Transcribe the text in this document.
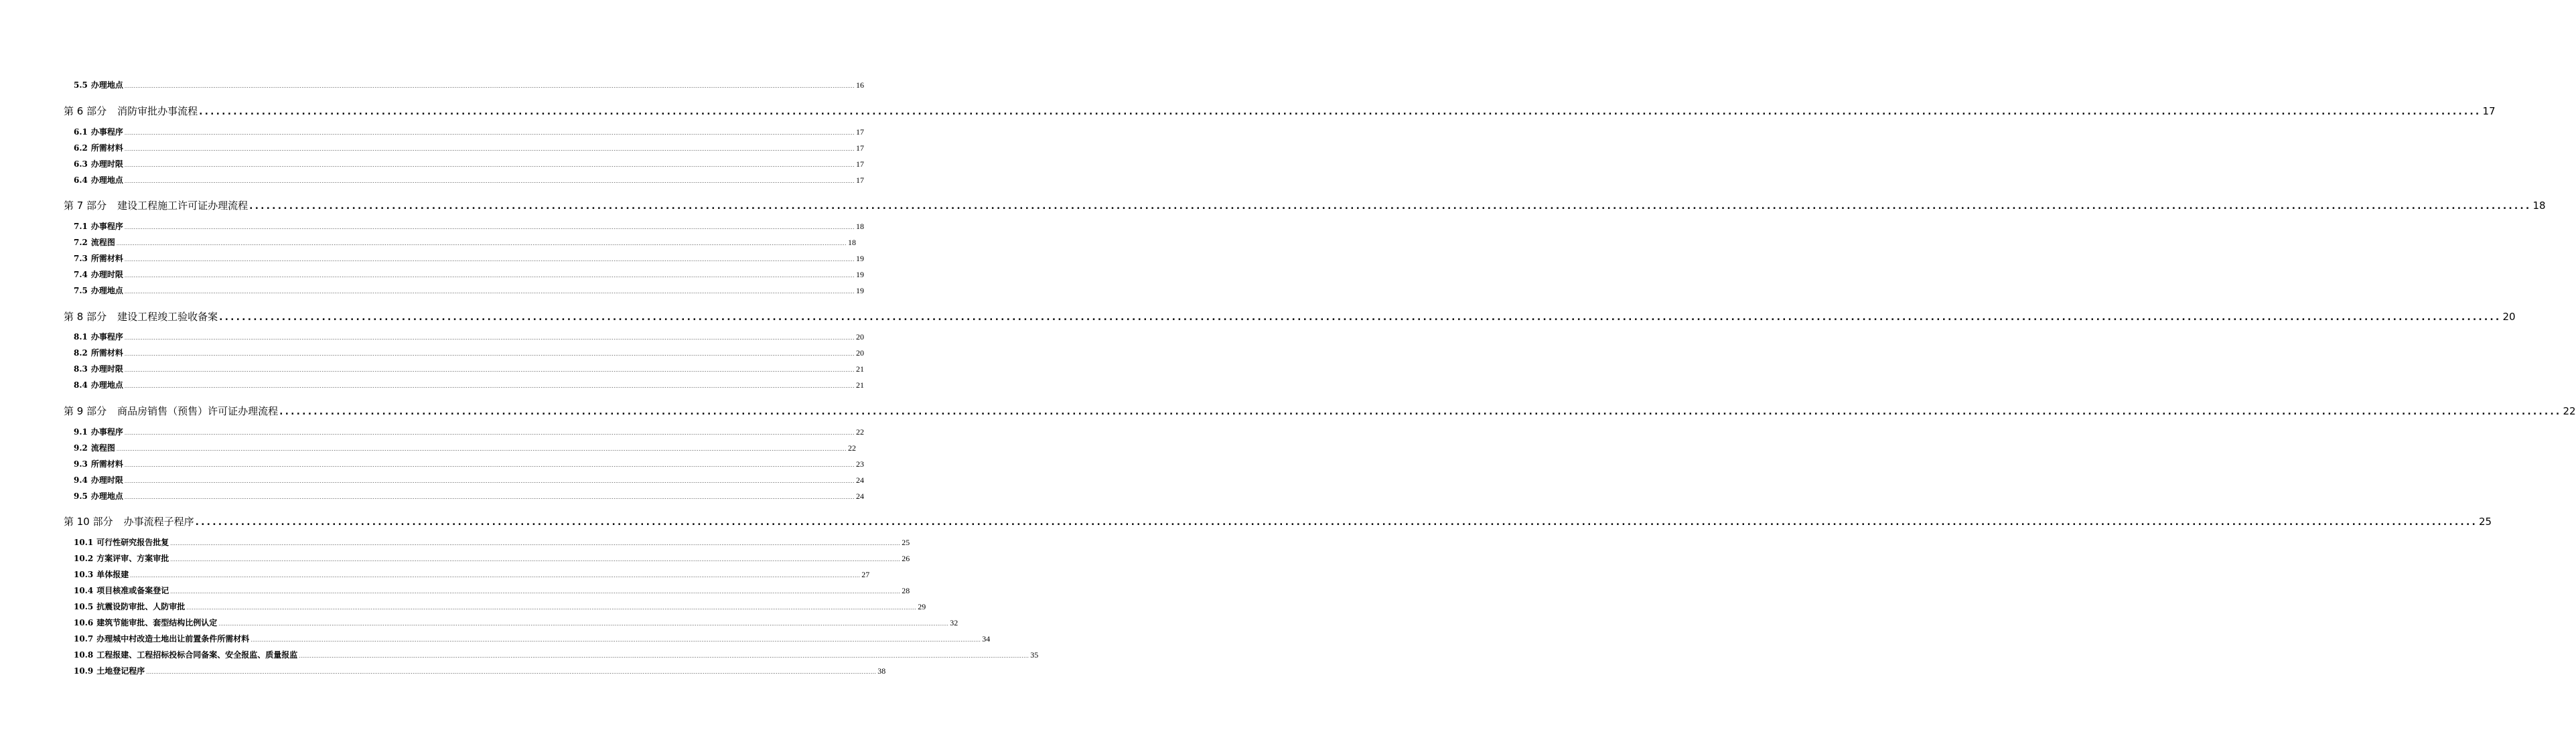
5.5 办理地点 ................................................................................................................................................................................................................................................................................................................................................................................................................ 16
第 6 部分 消防审批办事流程 ................................................................................................................................................................................................................................................................................................................................................................................................................ 17
6.1 办事程序 ................................................................................................................................................................................................................................................................................................................................................................................................................ 17
6.2 所需材料 ................................................................................................................................................................................................................................................................................................................................................................................................................ 17
6.3 办理时限 ................................................................................................................................................................................................................................................................................................................................................................................................................ 17
6.4 办理地点 ................................................................................................................................................................................................................................................................................................................................................................................................................ 17
第 7 部分 建设工程施工许可证办理流程 ................................................................................................................................................................................................................................................................................................................................................................................................................ 18
7.1 办事程序 ................................................................................................................................................................................................................................................................................................................................................................................................................ 18
7.2 流程图 ................................................................................................................................................................................................................................................................................................................................................................................................................ 18
7.3 所需材料 ................................................................................................................................................................................................................................................................................................................................................................................................................ 19
7.4 办理时限 ................................................................................................................................................................................................................................................................................................................................................................................................................ 19
7.5 办理地点 ................................................................................................................................................................................................................................................................................................................................................................................................................ 19
第 8 部分 建设工程竣工验收备案 ................................................................................................................................................................................................................................................................................................................................................................................................................ 20
8.1 办事程序 ................................................................................................................................................................................................................................................................................................................................................................................................................ 20
8.2 所需材料 ................................................................................................................................................................................................................................................................................................................................................................................................................ 20
8.3 办理时限 ................................................................................................................................................................................................................................................................................................................................................................................................................ 21
8.4 办理地点 ................................................................................................................................................................................................................................................................................................................................................................................................................ 21
第 9 部分 商品房销售（预售）许可证办理流程 ................................................................................................................................................................................................................................................................................................................................................................................................................ 22
9.1 办事程序 ................................................................................................................................................................................................................................................................................................................................................................................................................ 22
9.2 流程图 ................................................................................................................................................................................................................................................................................................................................................................................................................ 22
9.3 所需材料 ................................................................................................................................................................................................................................................................................................................................................................................................................ 23
9.4 办理时限 ................................................................................................................................................................................................................................................................................................................................................................................................................ 24
9.5 办理地点 ................................................................................................................................................................................................................................................................................................................................................................................................................ 24
第 10 部分 办事流程子程序 ................................................................................................................................................................................................................................................................................................................................................................................................................ 25
10.1 可行性研究报告批复 ................................................................................................................................................................................................................................................................................................................................................................................................................ 25
10.2 方案评审、方案审批 ................................................................................................................................................................................................................................................................................................................................................................................................................ 26
10.3 单体报建 ................................................................................................................................................................................................................................................................................................................................................................................................................ 27
10.4 项目核准或备案登记 ................................................................................................................................................................................................................................................................................................................................................................................................................ 28
10.5 抗震设防审批、人防审批 ................................................................................................................................................................................................................................................................................................................................................................................................................ 29
10.6 建筑节能审批、套型结构比例认定 ................................................................................................................................................................................................................................................................................................................................................................................................................ 32
10.7 办理城中村改造土地出让前置条件所需材料 ................................................................................................................................................................................................................................................................................................................................................................................................................ 34
10.8 工程报建、工程招标投标合同备案、安全报监、质量报监 ................................................................................................................................................................................................................................................................................................................................................................................................................ 35
10.9 土地登记程序 ................................................................................................................................................................................................................................................................................................................................................................................................................ 38
